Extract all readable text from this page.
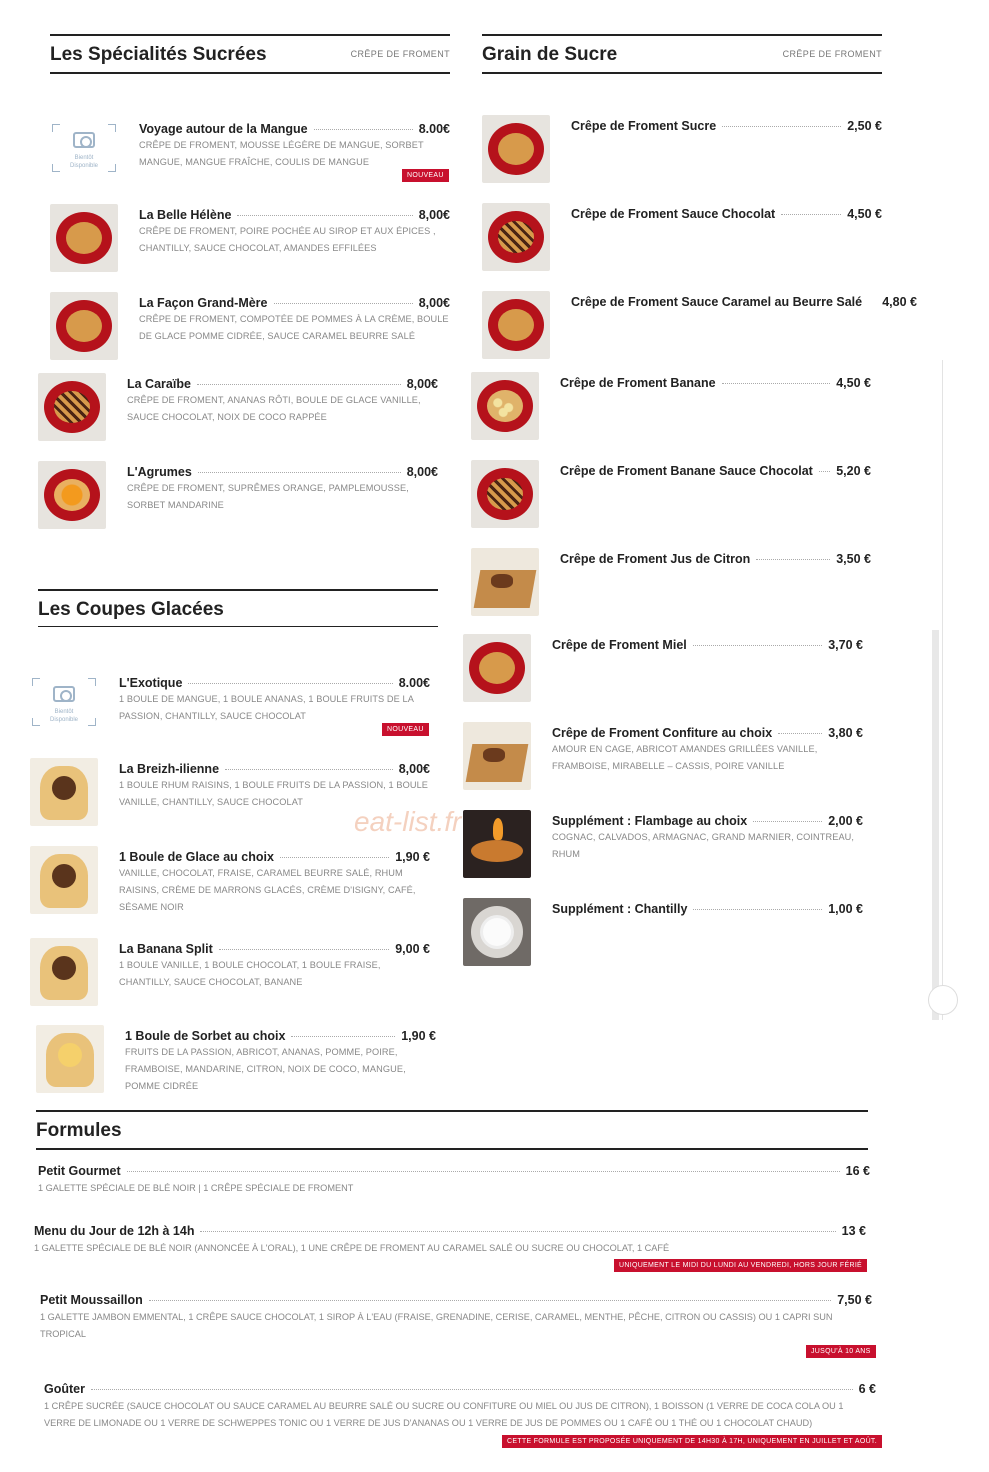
Les Spécialités Sucrées	CRÊPE DE FROMENT Grain de Sucre	CRÊPE DE FROMENT
Les Coupes Glacées
Formules
Bientôt
Disponible
Voyage autour de la Mangue	8.00€
CRÊPE DE FROMENT, MOUSSE LÉGÈRE DE MANGUE, SORBET MANGUE, MANGUE FRAÎCHE, COULIS DE MANGUE
NOUVEAU
La Belle Hélène	8,00€
CRÊPE DE FROMENT, POIRE POCHÉE AU SIROP ET AUX ÉPICES , CHANTILLY, SAUCE CHOCOLAT, AMANDES EFFILÉES
La Façon Grand-Mère	8,00€
CRÊPE DE FROMENT, COMPOTÉE DE POMMES À LA CRÈME, BOULE DE GLACE POMME CIDRÉE, SAUCE CARAMEL BEURRE SALÉ
La Caraïbe	8,00€
CRÊPE DE FROMENT, ANANAS RÔTI, BOULE DE GLACE VANILLE, SAUCE CHOCOLAT, NOIX DE COCO RAPPÉE
L'Agrumes	8,00€
CRÊPE DE FROMENT, SUPRÊMES ORANGE, PAMPLEMOUSSE, SORBET MANDARINE
Crêpe de Froment Sucre	2,50 €
Crêpe de Froment Sauce Chocolat	4,50 €
Crêpe de Froment Sauce Caramel au Beurre Salé 4,80 €
Crêpe de Froment Banane	4,50 €
Crêpe de Froment Banane Sauce Chocolat 5,20 €
Crêpe de Froment Jus de Citron	3,50 €
Crêpe de Froment Miel	3,70 €
Crêpe de Froment Confiture au choix	3,80 €
AMOUR EN CAGE, ABRICOT AMANDES GRILLÉES VANILLE, FRAMBOISE, MIRABELLE – CASSIS, POIRE VANILLE
Supplément : Flambage au choix	2,00 €
COGNAC, CALVADOS, ARMAGNAC, GRAND MARNIER, COINTREAU, RHUM
Supplément : Chantilly	1,00 €
Bientôt
Disponible
L'Exotique	8.00€
1 BOULE DE MANGUE, 1 BOULE ANANAS, 1 BOULE FRUITS DE LA PASSION, CHANTILLY, SAUCE CHOCOLAT
NOUVEAU
La Breizh-ilienne	8,00€
1 BOULE RHUM RAISINS, 1 BOULE FRUITS DE LA PASSION, 1 BOULE VANILLE, CHANTILLY, SAUCE CHOCOLAT
1 Boule de Glace au choix	1,90 €
VANILLE, CHOCOLAT, FRAISE, CARAMEL BEURRE SALÉ, RHUM RAISINS, CRÈME DE MARRONS GLACÉS, CRÈME D'ISIGNY, CAFÉ, SÉSAME NOIR
La Banana Split	9,00 €
1 BOULE VANILLE, 1 BOULE CHOCOLAT, 1 BOULE FRAISE, CHANTILLY, SAUCE CHOCOLAT, BANANE
1 Boule de Sorbet au choix	1,90 €
FRUITS DE LA PASSION, ABRICOT, ANANAS, POMME, POIRE, FRAMBOISE, MANDARINE, CITRON, NOIX DE COCO, MANGUE, POMME CIDRÉE
Petit Gourmet	16 €
1 GALETTE SPÉCIALE DE BLÉ NOIR | 1 CRÊPE SPÉCIALE DE FROMENT
Menu du Jour de 12h à 14h	13 €
1 GALETTE SPÉCIALE DE BLÉ NOIR (ANNONCÉE À L'ORAL), 1 UNE CRÊPE DE FROMENT AU CARAMEL SALÉ OU SUCRE OU CHOCOLAT, 1 CAFÉ
UNIQUEMENT LE MIDI DU LUNDI AU VENDREDI, HORS JOUR FÉRIÉ
Petit Moussaillon	7,50 €
1 GALETTE JAMBON EMMENTAL, 1 CRÊPE SAUCE CHOCOLAT, 1 SIROP À L'EAU (FRAISE, GRENADINE, CERISE, CARAMEL, MENTHE, PÊCHE, CITRON OU CASSIS) OU 1 CAPRI SUN TROPICAL
JUSQU'À 10 ANS
Goûter	6 €
1 CRÊPE SUCRÉE (SAUCE CHOCOLAT OU SAUCE CARAMEL AU BEURRE SALÉ OU SUCRE OU CONFITURE OU MIEL OU JUS DE CITRON), 1 BOISSON (1 VERRE DE COCA COLA OU 1 VERRE DE LIMONADE OU 1 VERRE DE SCHWEPPES TONIC OU 1 VERRE DE JUS D'ANANAS OU 1 VERRE DE JUS DE POMMES OU 1 CAFÉ OU 1 THÉ OU 1 CHOCOLAT CHAUD)
CETTE FORMULE EST PROPOSÉE UNIQUEMENT DE 14H30 À 17H, UNIQUEMENT EN JUILLET ET AOÛT.
eat-list.fr
